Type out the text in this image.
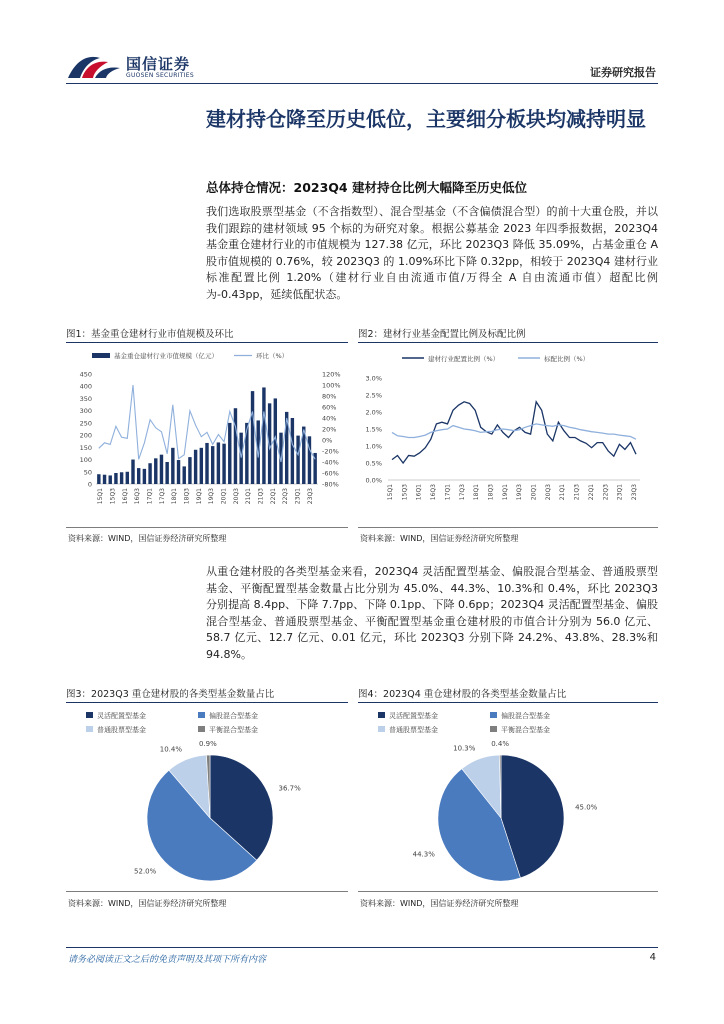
国信证券
GUOSEN SECURITIES	证券研究报告
建材持仓降至历史低位，主要细分板块均减持明显
总体持仓情况：2023Q4 建材持仓比例大幅降至历史低位
我们选取股票型基金（不含指数型）、混合型基金（不含偏债混合型）的前十大重仓股，并以我们跟踪的建材领域 95 个标的为研究对象。根据公募基金 2023 年四季报数据，2023Q4 基金重仓建材行业的市值规模为 127.38 亿元，环比 2023Q3 降低 35.09%，占基金重仓 A 股市值规模的 0.76%，较 2023Q3 的 1.09%环比下降 0.32pp，相较于 2023Q4 建材行业标准配置比例 1.20%（建材行业自由流通市值/万得全 A 自由流通市值）超配比例为-0.43pp，延续低配状态。
图1：基金重仓建材行业市值规模及环比
基金重仓建材行业市值规模（亿元）	环比（%）
450
400
350
300
250
200
150
100
50
0
120%
100%
80%
60%
40%
20%
0%
-20%
-40%
-60%
-80%
15Q1 15Q3 16Q1 16Q3 17Q1 17Q3 18Q1 18Q3 19Q1 19Q3 20Q1 20Q3 21Q1 21Q3 22Q1 22Q3 23Q1 23Q3
资料来源：WIND，国信证券经济研究所整理
图2：建材行业基金配置比例及标配比例
建材行业配置比例（%）	标配比例（%）
3.0%
2.5%
2.0%
1.5%
1.0%
0.5%
0.0%
15Q1 15Q3 16Q1 16Q3 17Q1 17Q3 18Q1 18Q3 19Q1 19Q3 20Q1 20Q3 21Q1 21Q3 22Q1 22Q3 23Q1 23Q3
资料来源：WIND，国信证券经济研究所整理
从重仓建材股的各类型基金来看，2023Q4 灵活配置型基金、偏股混合型基金、普通股票型基金、平衡配置型基金数量占比分别为 45.0%、44.3%、10.3%和 0.4%，环比 2023Q3 分别提高 8.4pp、下降 7.7pp、下降 0.1pp、下降 0.6pp；2023Q4 灵活配置型基金、偏股混合型基金、普通股票型基金、平衡配置型基金重仓建材股的市值合计分别为 56.0 亿元、58.7 亿元、12.7 亿元、0.01 亿元，环比 2023Q3 分别下降 24.2%、43.8%、28.3%和 94.8%。
图3：2023Q3 重仓建材股的各类型基金数量占比
灵活配置型基金	偏股混合型基金
普通股票型基金	平衡混合型基金
36.7%
52.0%
10.4%
0.9%
资料来源：WIND，国信证券经济研究所整理
图4：2023Q4 重仓建材股的各类型基金数量占比
灵活配置型基金	偏股混合型基金
普通股票型基金	平衡混合型基金
45.0%
44.3%
10.3%
0.4%
资料来源：WIND，国信证券经济研究所整理
请务必阅读正文之后的免责声明及其项下所有内容	4
